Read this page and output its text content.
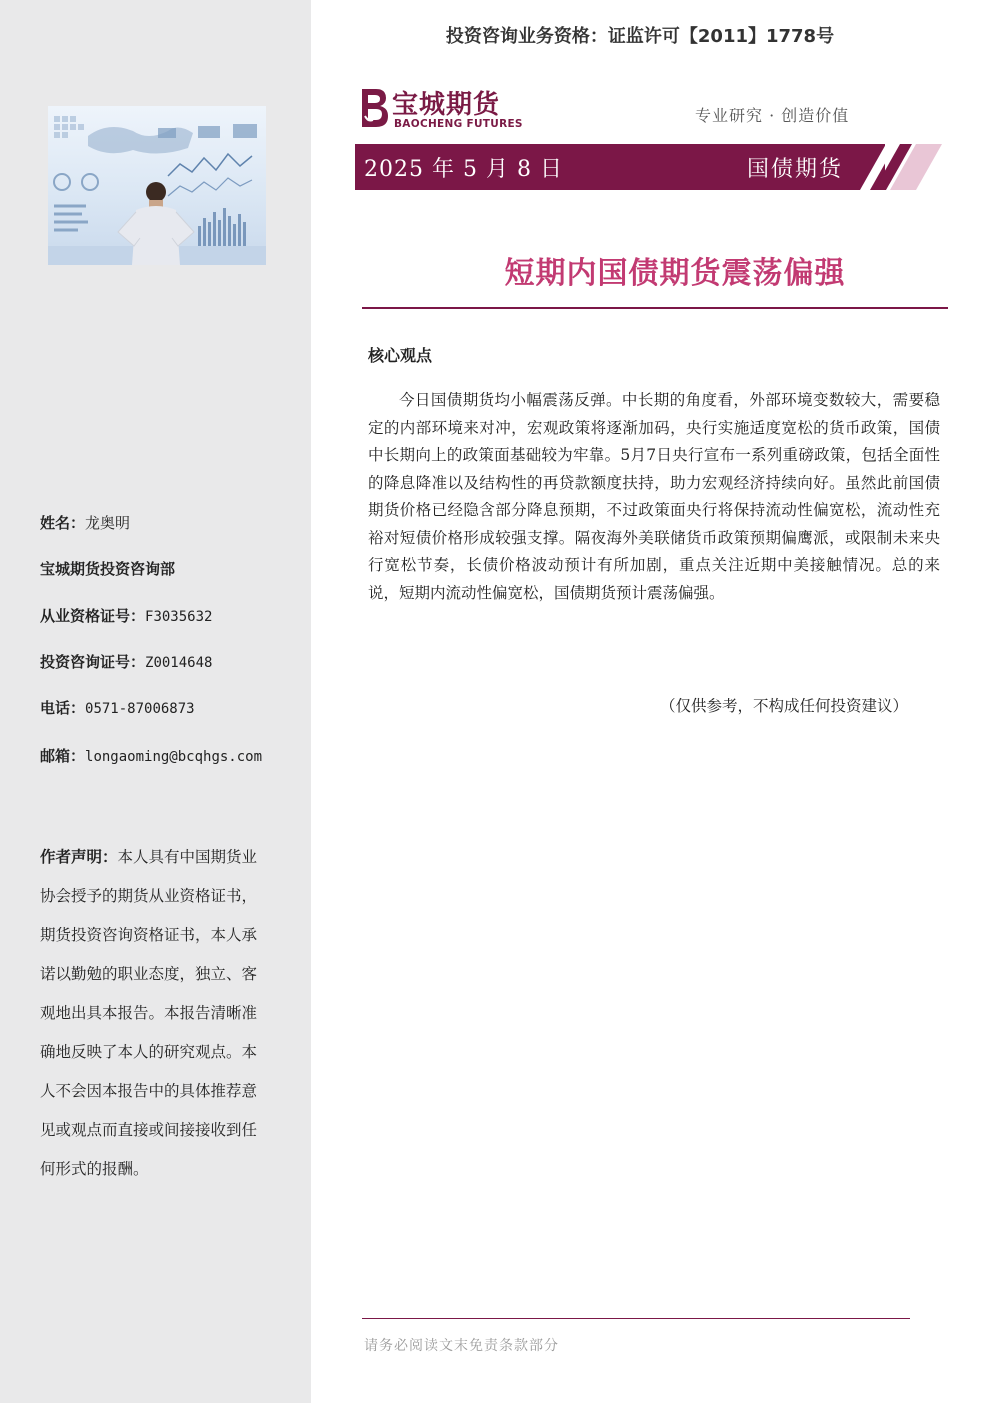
投资咨询业务资格：证监许可【2011】1778号
宝城期货
BAOCHENG FUTURES	专业研究 · 创造价值
2025 年 5 月 8 日	国债期货
短期内国债期货震荡偏强
核心观点
今日国债期货均小幅震荡反弹。中长期的角度看，外部环境变数较大，需要稳定的内部环境来对冲，宏观政策将逐渐加码，央行实施适度宽松的货币政策，国债中长期向上的政策面基础较为牢靠。5月7日央行宣布一系列重磅政策，包括全面性的降息降准以及结构性的再贷款额度扶持，助力宏观经济持续向好。虽然此前国债期货价格已经隐含部分降息预期，不过政策面央行将保持流动性偏宽松，流动性充裕对短债价格形成较强支撑。隔夜海外美联储货币政策预期偏鹰派，或限制未来央行宽松节奏，长债价格波动预计有所加剧，重点关注近期中美接触情况。总的来说，短期内流动性偏宽松，国债期货预计震荡偏强。
（仅供参考，不构成任何投资建议）
姓名：龙奥明
宝城期货投资咨询部
从业资格证号：F3035632
投资咨询证号：Z0014648
电话：0571-87006873
邮箱：longaoming@bcqhgs.com
作者声明：本人具有中国期货业协会授予的期货从业资格证书，期货投资咨询资格证书，本人承诺以勤勉的职业态度，独立、客观地出具本报告。本报告清晰准确地反映了本人的研究观点。本人不会因本报告中的具体推荐意见或观点而直接或间接接收到任何形式的报酬。
请务必阅读文末免责条款部分
